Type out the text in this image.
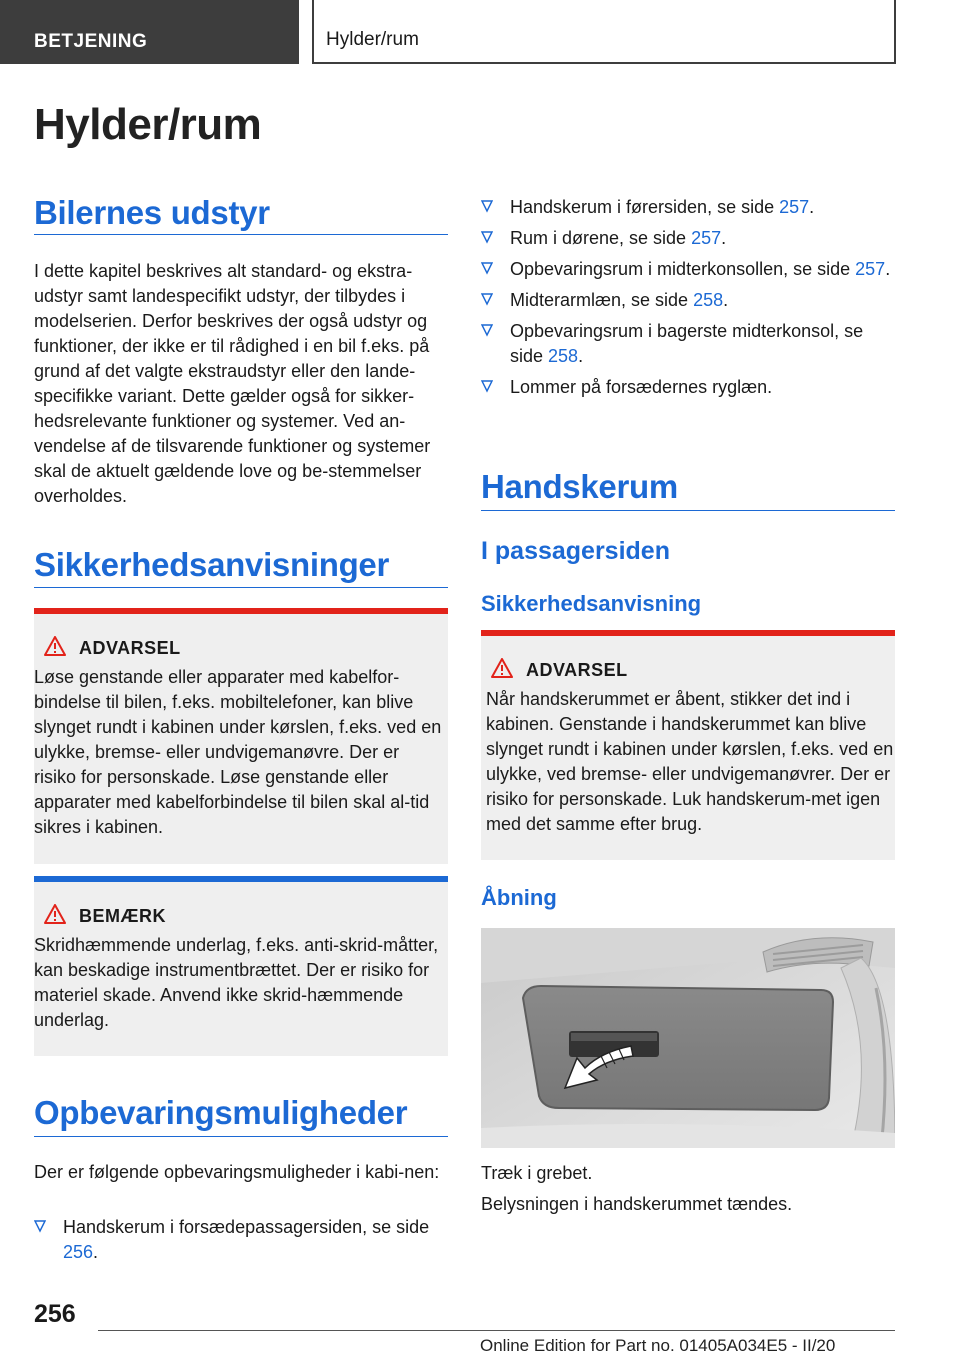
BETJENING	Hylder/rum
Hylder/rum
Bilernes udstyr
I dette kapitel beskrives alt standard- og ekstra-udstyr samt landespecifikt udstyr, der tilbydes i modelserien. Derfor beskrives der også udstyr og funktioner, der ikke er til rådighed i en bil f.eks. på grund af det valgte ekstraudstyr eller den lande-specifikke variant. Dette gælder også for sikker-hedsrelevante funktioner og systemer. Ved an-vendelse af de tilsvarende funktioner og systemer skal de aktuelt gældende love og be-stemmelser overholdes.
Sikkerhedsanvisninger
ADVARSEL
Løse genstande eller apparater med kabelfor-bindelse til bilen, f.eks. mobiltelefoner, kan blive slynget rundt i kabinen under kørslen, f.eks. ved en ulykke, bremse- eller undvigemanøvre. Der er risiko for personskade. Løse genstande eller apparater med kabelforbindelse til bilen skal al-tid sikres i kabinen.
BEMÆRK
Skridhæmmende underlag, f.eks. anti-skrid-måtter, kan beskadige instrumentbrættet. Der er risiko for materiel skade. Anvend ikke skrid-hæmmende underlag.
Opbevaringsmuligheder
Der er følgende opbevaringsmuligheder i kabi-nen:
Handskerum i forsædepassagersiden, se side 256.
Handskerum i førersiden, se side 257.
Rum i dørene, se side 257.
Opbevaringsrum i midterkonsollen, se side 257.
Midterarmlæn, se side 258.
Opbevaringsrum i bagerste midterkonsol, se side 258.
Lommer på forsædernes ryglæn.
Handskerum
I passagersiden
Sikkerhedsanvisning
ADVARSEL
Når handskerummet er åbent, stikker det ind i kabinen. Genstande i handskerummet kan blive slynget rundt i kabinen under kørslen, f.eks. ved en ulykke, ved bremse- eller undvigemanøvrer. Der er risiko for personskade. Luk handskerum-met igen med det samme efter brug.
Åbning
Træk i grebet.
Belysningen i handskerummet tændes.
256
Online Edition for Part no. 01405A034E5 - II/20
